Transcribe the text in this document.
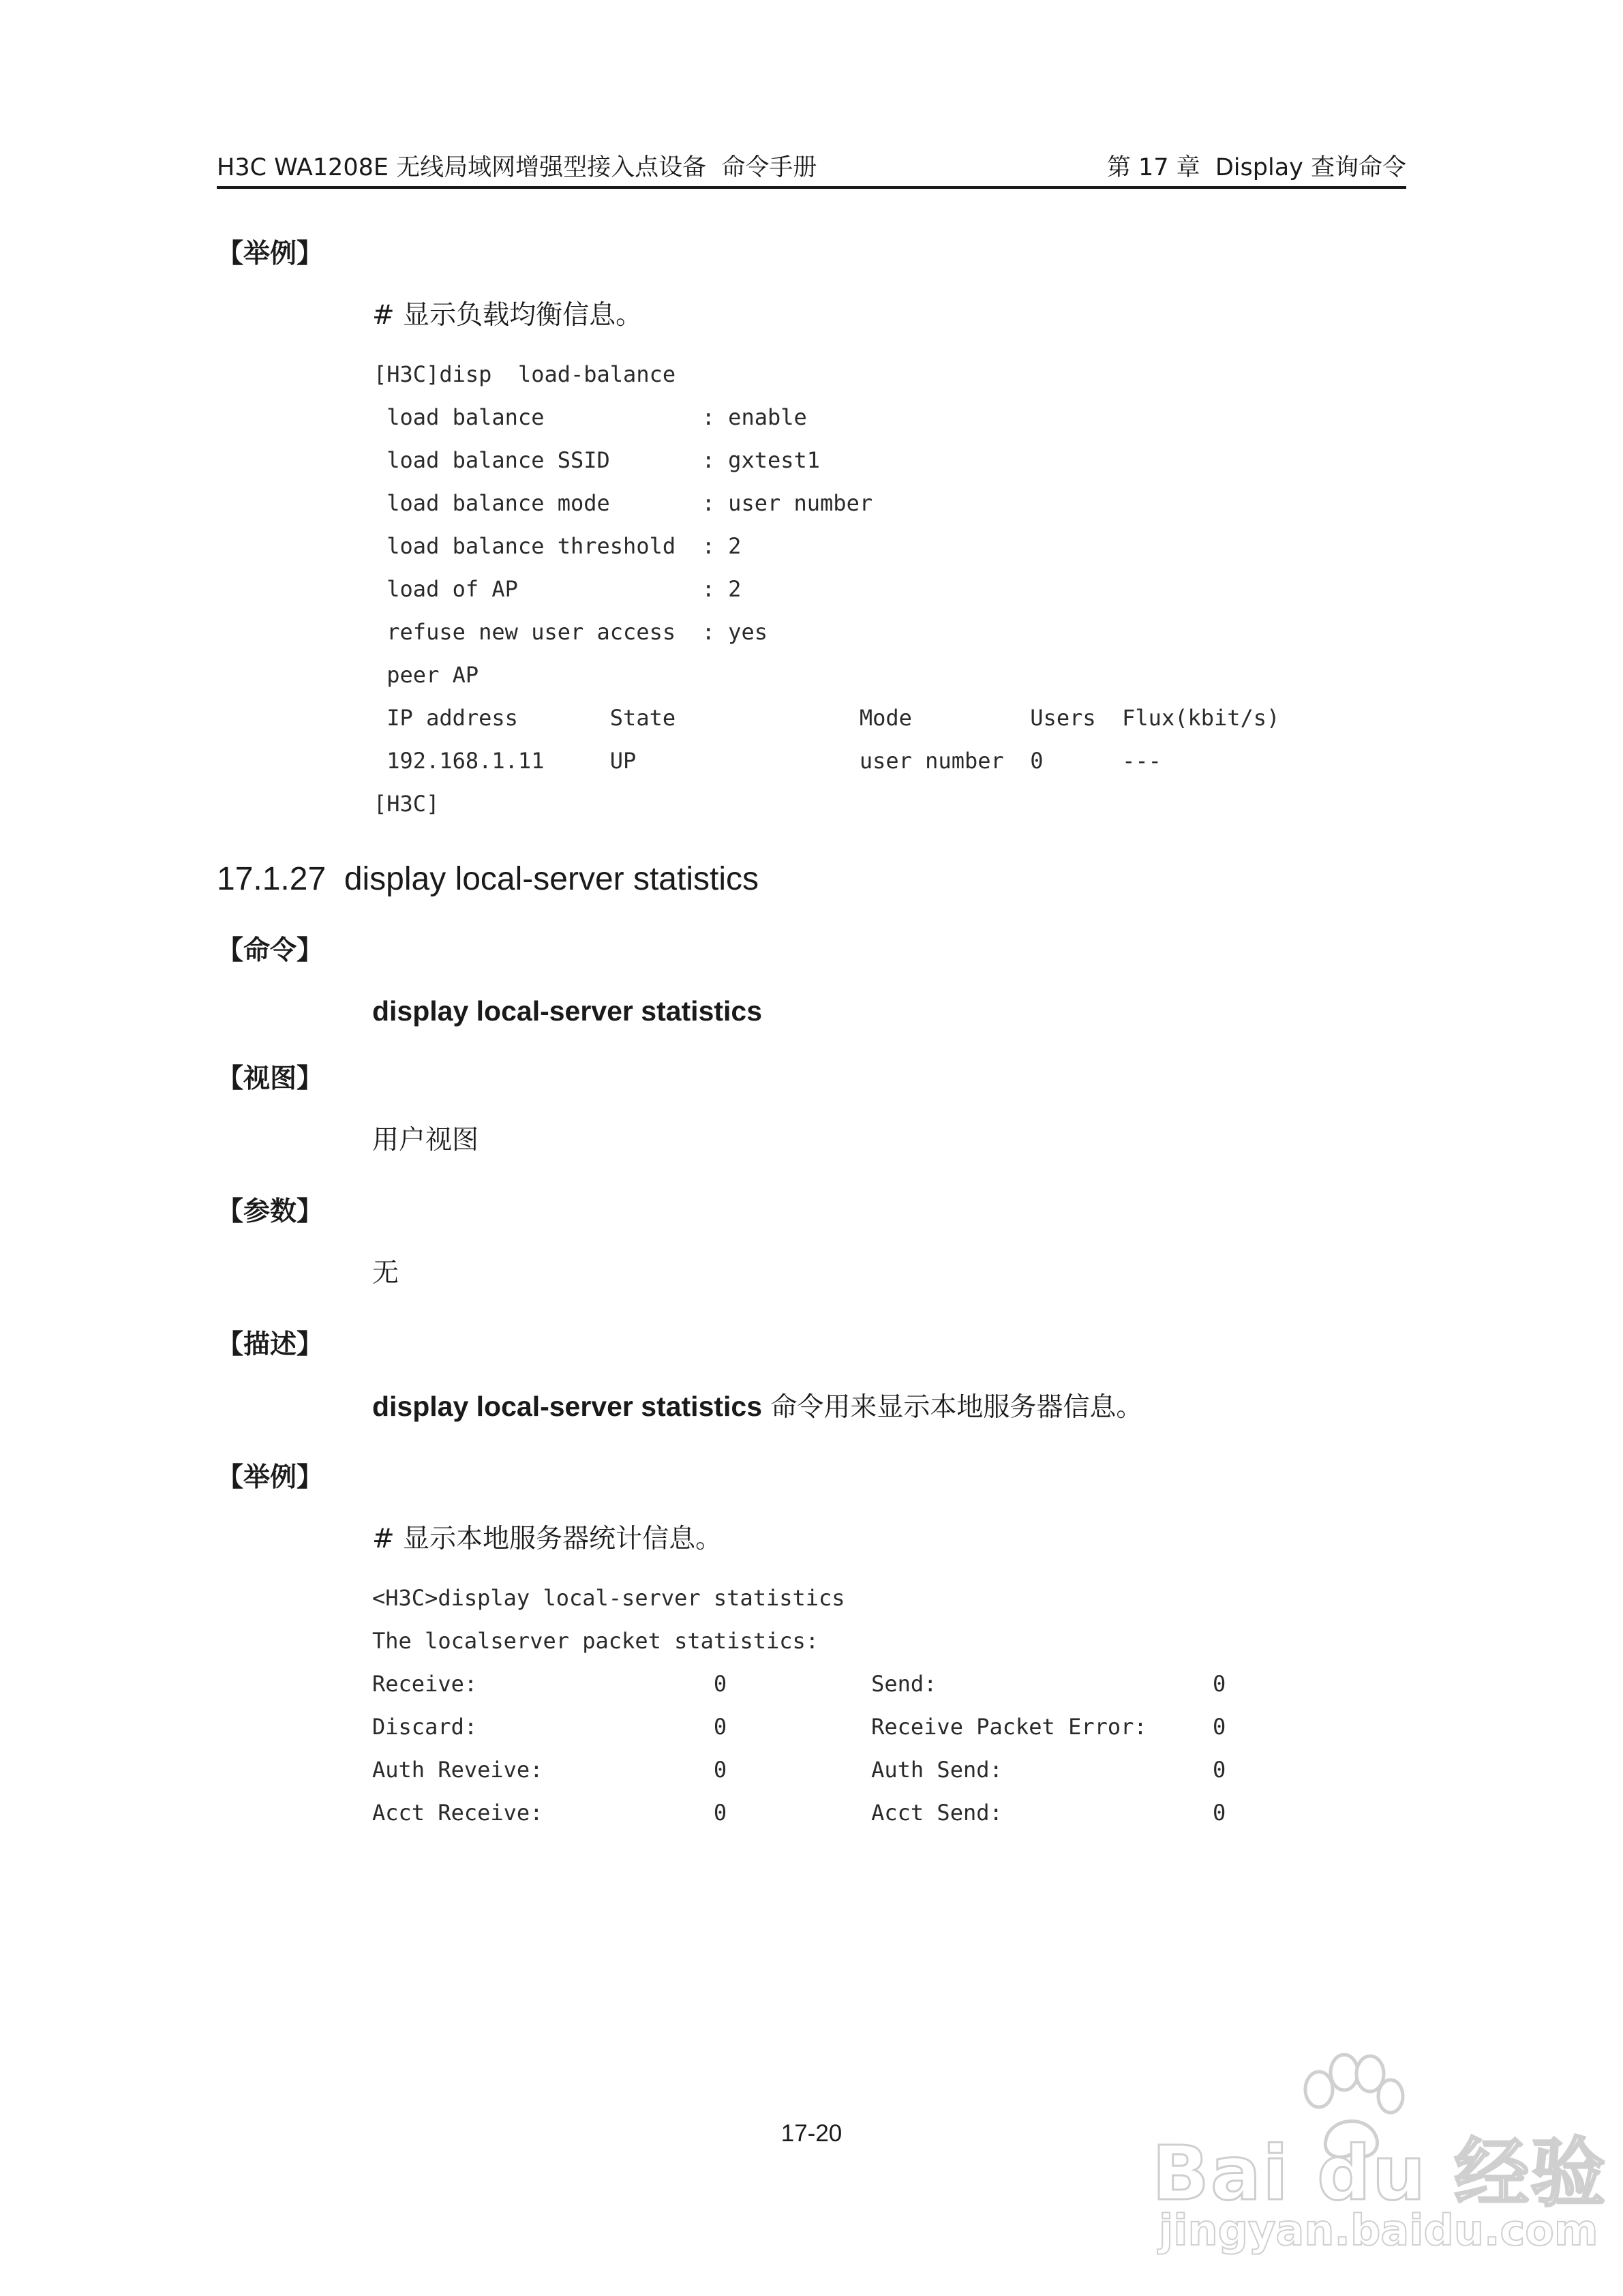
H3C WA1208E 无线局域网增强型接入点设备  命令手册	第 17 章  Display 查询命令
【举例】
# 显示负载均衡信息。
[H3C]disp  load-balance
load balance            : enable
load balance SSID       : gxtest1
load balance mode       : user number
load balance threshold  : 2
load of AP              : 2
refuse new user access  : yes
peer AP
IP address       State              Mode         Users  Flux(kbit/s)
192.168.1.11     UP                 user number  0      ---
[H3C]
17.1.27  display local-server statistics
【命令】
display local-server statistics
【视图】
用户视图
【参数】
无
【描述】
display local-server statistics 命令用来显示本地服务器信息。
【举例】
# 显示本地服务器统计信息。
<H3C>display local-server statistics
The localserver packet statistics:
Receive:                  0           Send:                     0
Discard:                  0           Receive Packet Error:     0
Auth Reveive:             0           Auth Send:                0
Acct Receive:             0           Acct Send:                0
17-20	Bai du 经验
jingyan.baidu.com
